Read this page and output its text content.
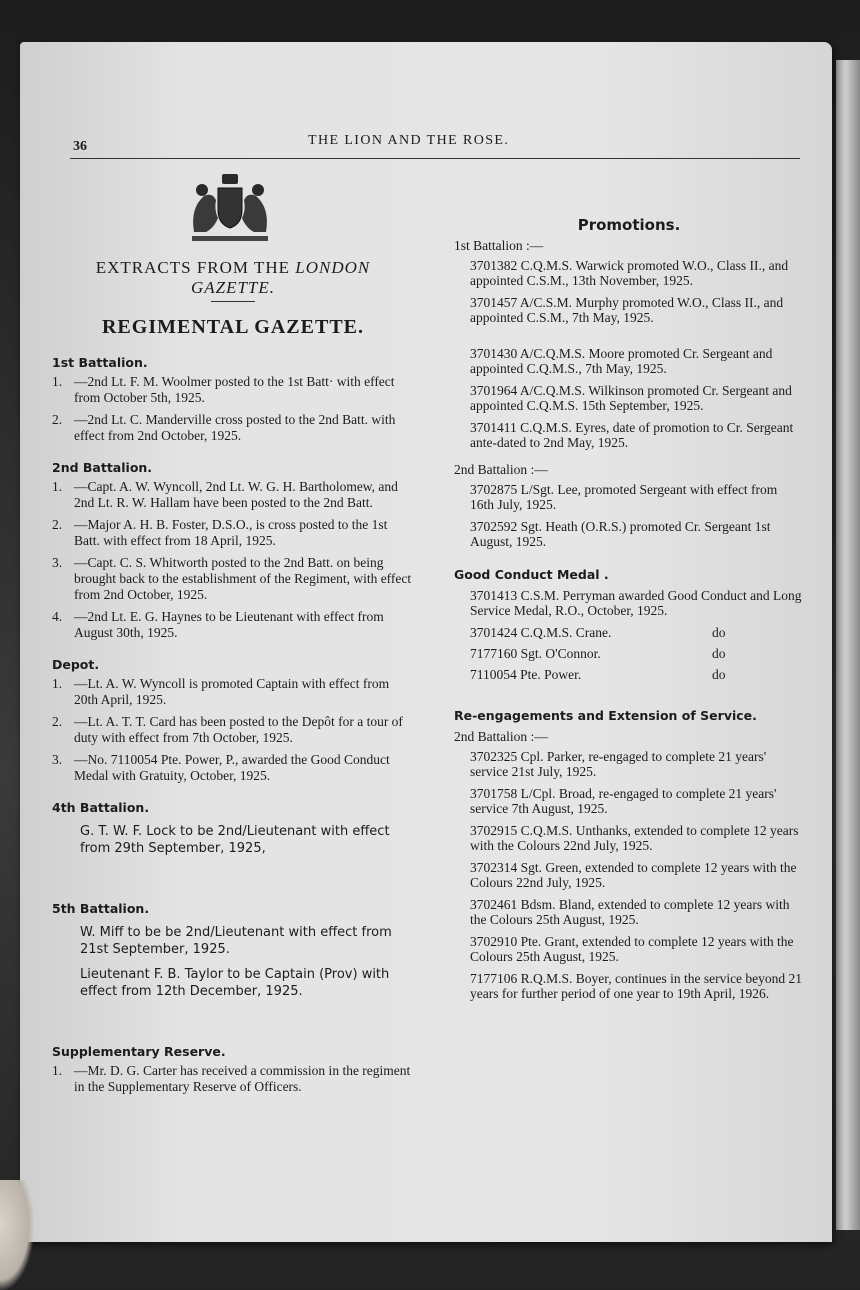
36	THE LION AND THE ROSE.
EXTRACTS FROM THE LONDON
GAZETTE.
REGIMENTAL GAZETTE.
1st Battalion.
1. —2nd Lt. F. M. Woolmer posted to the 1st Batt· with effect from October 5th, 1925.
2. —2nd Lt. C. Manderville cross posted to the 2nd Batt. with effect from 2nd October, 1925.
2nd Battalion.
1. —Capt. A. W. Wyncoll, 2nd Lt. W. G. H. Bartholomew, and 2nd Lt. R. W. Hallam have been posted to the 2nd Batt.
2. —Major A. H. B. Foster, D.S.O., is cross posted to the 1st Batt. with effect from 18 April, 1925.
3. —Capt. C. S. Whitworth posted to the 2nd Batt. on being brought back to the establishment of the Regiment, with effect from 2nd October, 1925.
4. —2nd Lt. E. G. Haynes to be Lieutenant with effect from August 30th, 1925.
Depot.
1. —Lt. A. W. Wyncoll is promoted Captain with effect from 20th April, 1925.
2. —Lt. A. T. T. Card has been posted to the Depôt for a tour of duty with effect from 7th October, 1925.
3. —No. 7110054 Pte. Power, P., awarded the Good Conduct Medal with Gratuity, October, 1925.
4th Battalion.
G. T. W. F. Lock to be 2nd/Lieutenant with effect from 29th September, 1925,
5th Battalion.
W. Miff to be be 2nd/Lieutenant with effect from 21st September, 1925.
Lieutenant F. B. Taylor to be Captain (Prov) with effect from 12th December, 1925.
Supplementary Reserve.
1. —Mr. D. G. Carter has received a commission in the regiment in the Supplementary Reserve of Officers.
Promotions.
1st Battalion :—
3701382 C.Q.M.S. Warwick promoted W.O., Class II., and appointed C.S.M., 13th November, 1925.
3701457 A/C.S.M. Murphy promoted W.O., Class II., and appointed C.S.M., 7th May, 1925.
3701430 A/C.Q.M.S. Moore promoted Cr. Sergeant and appointed C.Q.M.S., 7th May, 1925.
3701964 A/C.Q.M.S. Wilkinson promoted Cr. Sergeant and appointed C.Q.M.S. 15th September, 1925.
3701411 C.Q.M.S. Eyres, date of promotion to Cr. Sergeant ante-dated to 2nd May, 1925.
2nd Battalion :—
3702875 L/Sgt. Lee, promoted Sergeant with effect from 16th July, 1925.
3702592 Sgt. Heath (O.R.S.) promoted Cr. Sergeant 1st August, 1925.
Good Conduct Medal .
3701413 C.S.M. Perryman awarded Good Conduct and Long Service Medal, R.O., October, 1925.
3701424 C.Q.M.S. Crane.	do
7177160 Sgt. O'Connor.	do
7110054 Pte. Power.	do
Re-engagements and Extension of Service.
2nd Battalion :—
3702325 Cpl. Parker, re-engaged to complete 21 years' service 21st July, 1925.
3701758 L/Cpl. Broad, re-engaged to complete 21 years' service 7th August, 1925.
3702915 C.Q.M.S. Unthanks, extended to complete 12 years with the Colours 22nd July, 1925.
3702314 Sgt. Green, extended to complete 12 years with the Colours 22nd July, 1925.
3702461 Bdsm. Bland, extended to complete 12 years with the Colours 25th August, 1925.
3702910 Pte. Grant, extended to complete 12 years with the Colours 25th August, 1925.
7177106 R.Q.M.S. Boyer, continues in the service beyond 21 years for further period of one year to 19th April, 1926.
